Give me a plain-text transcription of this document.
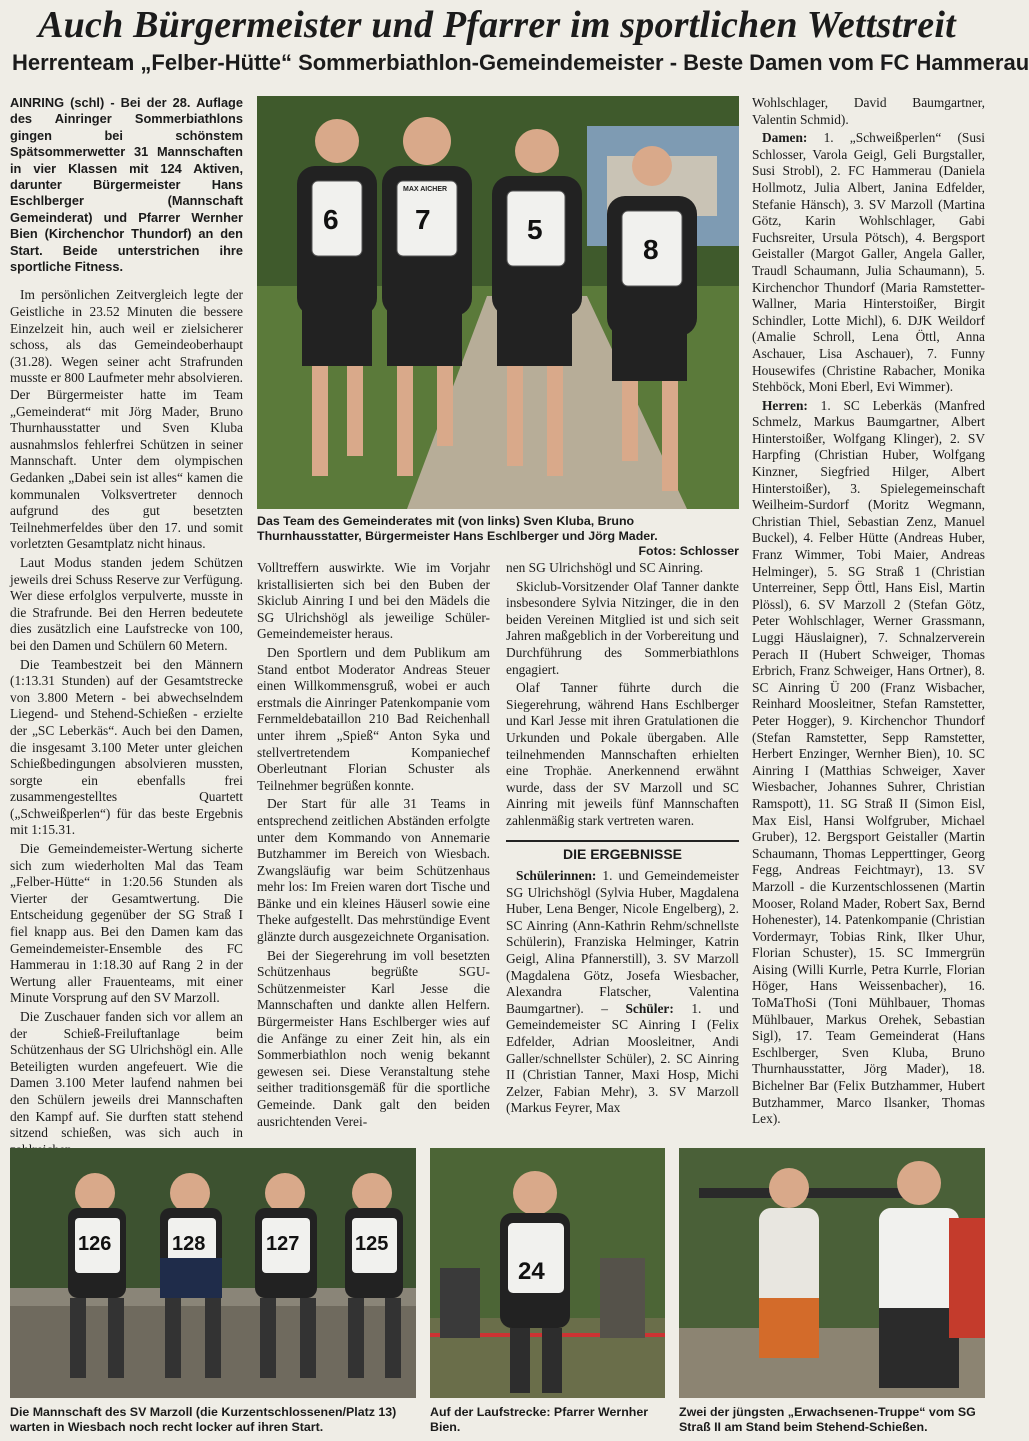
Auch Bürgermeister und Pfarrer im sportlichen Wettstreit
Herrenteam „Felber-Hütte“ Sommerbiathlon-Gemeindemeister - Beste Damen vom FC Hammerau

AINRING (schl) - Bei der 28. Auflage des Ainringer Sommerbiathlons gingen bei schönstem Spätsommerwetter 31 Mannschaften in vier Klassen mit 124 Aktiven, darunter Bürgermeister Hans Eschlberger (Mannschaft Gemeinderat) und Pfarrer Wernher Bien (Kirchenchor Thundorf) an den Start. Beide unterstrichen ihre sportliche Fitness.

Im persönlichen Zeitvergleich legte der Geistliche in 23.52 Minuten die bessere Einzelzeit hin, auch weil er zielsicherer schoss, als das Gemeindeoberhaupt (31.28). Wegen seiner acht Strafrunden musste er 800 Laufmeter mehr absolvieren. Der Bürgermeister hatte im Team „Gemeinderat“ mit Jörg Mader, Bruno Thurnhausstatter und Sven Kluba ausnahmslos fehlerfrei Schützen in seiner Mannschaft. Unter dem olympischen Gedanken „Dabei sein ist alles“ kamen die kommunalen Volksvertreter dennoch aufgrund des gut besetzten Teilnehmerfeldes über den 17. und somit vorletzten Gesamtplatz nicht hinaus.

Laut Modus standen jedem Schützen jeweils drei Schuss Reserve zur Verfügung. Wer diese erfolglos verpulverte, musste in die Strafrunde. Bei den Herren bedeutete dies zusätzlich eine Laufstrecke von 100, bei den Damen und Schülern 60 Metern.

Die Teambestzeit bei den Männern (1:13.31 Stunden) auf der Gesamtstrecke von 3.800 Metern - bei abwechselndem Liegend- und Stehend-Schießen - erzielte der „SC Leberkäs“. Auch bei den Damen, die insgesamt 3.100 Meter unter gleichen Schießbedingungen absolvieren mussten, sorgte ein ebenfalls frei zusammengestelltes Quartett („Schweißperlen“) für das beste Ergebnis mit 1:15.31.

Die Gemeindemeister-Wertung sicherte sich zum wiederholten Mal das Team „Felber-Hütte“ in 1:20.56 Stunden als Vierter der Gesamtwertung. Die Entscheidung gegenüber der SG Straß I fiel knapp aus. Bei den Damen kam das Gemeindemeister-Ensemble des FC Hammerau in 1:18.30 auf Rang 2 in der Wertung aller Frauenteams, mit einer Minute Vorsprung auf den SV Marzoll.

Die Zuschauer fanden sich vor allem an der Schieß-Freiluftanlage beim Schützenhaus der SG Ulrichshögl ein. Alle Beteiligten wurden angefeuert. Wie die Damen 3.100 Meter laufend nahmen bei den Schülern jeweils drei Mannschaften den Kampf auf. Sie durften statt stehend sitzend schießen, was sich auch in

6	7	5
8
MAX AICHER
Das Team des Gemeinderates mit (von links) Sven Kluba, Bruno Thurnhausstatter, Bürgermeister Hans Eschlberger und Jörg Mader.
Fotos: Schlosser

Volltreffern auswirkte. Wie im Vorjahr kristallisierten sich bei den Buben der Skiclub Ainring I und bei den Mädels die SG Ulrichshögl als jeweilige Schüler-Gemeindemeister heraus.

Den Sportlern und dem Publikum am Stand entbot Moderator Andreas Steuer einen Willkommensgruß, wobei er auch erstmals die Ainringer Patenkompanie vom Fernmeldebataillon 210 Bad Reichenhall unter ihrem „Spieß“ Anton Syka und stellvertretendem Kompaniechef Oberleutnant Florian Schuster als Teilnehmer begrüßen konnte.

Der Start für alle 31 Teams in entsprechend zeitlichen Abständen erfolgte unter dem Kommando von Annemarie Butzhammer im Bereich von Wiesbach. Zwangsläufig war beim Schützenhaus mehr los: Im Freien waren dort Tische und Bänke und ein kleines Häuserl sowie eine Theke aufgestellt. Das mehrstündige Event glänzte durch ausgezeichnete Organisation.

Bei der Siegerehrung im voll besetzten Schützenhaus begrüßte SGU-Schützenmeister Karl Jesse die Mannschaften und dankte allen Helfern. Bürgermeister Hans Eschlberger wies auf die Anfänge zu einer Zeit hin, als ein Sommerbiathlon noch wenig bekannt gewesen sei. Diese Veranstaltung stehe seither traditionsgemäß für die sportliche Gemeinde. Dank galt den beiden ausrichtenden Verei-

nen SG Ulrichshögl und SC Ainring.

Skiclub-Vorsitzender Olaf Tanner dankte insbesondere Sylvia Nitzinger, die in den beiden Vereinen Mitglied ist und sich seit Jahren maßgeblich in der Vorbereitung und Durchführung des Sommerbiathlons engagiert.

Olaf Tanner führte durch die Siegerehrung, während Hans Eschlberger und Karl Jesse mit ihren Gratulationen die Urkunden und Pokale übergaben. Alle teilnehmenden Mannschaften erhielten eine Trophäe. Anerkennend erwähnt wurde, dass der SV Marzoll und SC Ainring mit jeweils fünf Mannschaften zahlenmäßig stark vertreten waren.

DIE ERGEBNISSE

Schülerinnen: 1. und Gemeindemeister SG Ulrichshögl (Sylvia Huber, Magdalena Huber, Lena Benger, Nicole Engelberg), 2. SC Ainring (Ann-Kathrin Rehm/schnellste Schülerin), Franziska Helminger, Katrin Geigl, Alina Pfannerstill), 3. SV Marzoll (Magdalena Götz, Josefa Wiesbacher, Alexandra Flatscher, Valentina Baumgartner). – Schüler: 1. und Gemeindemeister SC Ainring I (Felix Edfelder, Adrian Moosleitner, Andi Galler/schnellster Schüler), 2. SC Ainring II (Christian Tanner, Maxi Hosp, Michi Zelzer, Fabian Mehr), 3. SV Marzoll (Markus Feyrer, Max

Wohlschlager, David Baumgartner, Valentin Schmid).

Damen: 1. „Schweißperlen“ (Susi Schlosser, Varola Geigl, Geli Burgstaller, Susi Strobl), 2. FC Hammerau (Daniela Hollmotz, Julia Albert, Janina Edfelder, Stefanie Hänsch), 3. SV Marzoll (Martina Götz, Karin Wohlschlager, Gabi Fuchsreiter, Ursula Pötsch), 4. Bergsport Geistaller (Margot Galler, Angela Galler, Traudl Schaumann, Julia Schaumann), 5. Kirchenchor Thundorf (Maria Ramstetter-Wallner, Maria Hinterstoißer, Birgit Schindler, Lotte Michl), 6. DJK Weildorf (Amalie Schroll, Lena Öttl, Anna Aschauer, Lisa Aschauer), 7. Funny Housewifes (Christine Rabacher, Monika Stehböck, Moni Eberl, Evi Wimmer).

Herren: 1. SC Leberkäs (Manfred Schmelz, Markus Baumgartner, Albert Hinterstoißer, Wolfgang Klinger), 2. SV Harpfing (Christian Huber, Wolfgang Kinzner, Siegfried Hilger, Albert Hinterstoißer), 3. Spielegemeinschaft Weilheim-Surdorf (Moritz Wegmann, Christian Thiel, Sebastian Zenz, Manuel Buckel), 4. Felber Hütte (Andreas Huber, Franz Wimmer, Tobi Maier, Andreas Helminger), 5. SG Straß 1 (Christian Unterreiner, Sepp Öttl, Hans Eisl, Martin Plössl), 6. SV Marzoll 2 (Stefan Götz, Peter Wohlschlager, Werner Grassmann, Luggi Häuslaigner), 7. Schnalzerverein Perach II (Hubert Schweiger, Thomas Erbrich, Franz Schweiger, Hans Ortner), 8. SC Ainring Ü 200 (Franz Wisbacher, Reinhard Moosleitner, Stefan Ramstetter, Peter Hogger), 9. Kirchenchor Thundorf (Stefan Ramstetter, Sepp Ramstetter, Herbert Enzinger, Wernher Bien), 10. SC Ainring I (Matthias Schweiger, Xaver Wiesbacher, Johannes Suhrer, Christian Ramspott), 11. SG Straß II (Simon Eisl, Max Eisl, Hansi Wolfgruber, Michael Gruber), 12. Bergsport Geistaller (Martin Schaumann, Thomas Lepperttinger, Georg Fegg, Andreas Feichtmayr), 13. SV Marzoll - die Kurzentschlossenen (Martin Mooser, Roland Mader, Robert Sax, Bernd Hohenester), 14. Patenkompanie (Christian Vordermayr, Tobias Rink, Ilker Uhur, Florian Schuster), 15. SC Immergrün Aising (Willi Kurrle, Petra Kurrle, Florian Höger, Hans Weissenbacher), 16. ToMaThoSi (Toni Mühlbauer, Thomas Mühlbauer, Markus Orehek, Sebastian Sigl), 17. Team Gemeinderat (Hans Eschlberger, Sven Kluba, Bruno Thurnhausstatter, Jörg Mader), 18. Bichelner Bar (Felix Butzhammer, Hubert Butzhammer, Marco Ilsanker, Thomas Lex).

126	128	127	125
Die Mannschaft des SV Marzoll (die Kurzentschlossenen/Platz 13) warten in Wiesbach noch recht locker auf ihren Start.
24
Auf der Laufstrecke: Pfarrer Wernher Bien.
Zwei der jüngsten „Erwachsenen-Truppe“ vom SG Straß II am Stand beim Stehend-Schießen.
